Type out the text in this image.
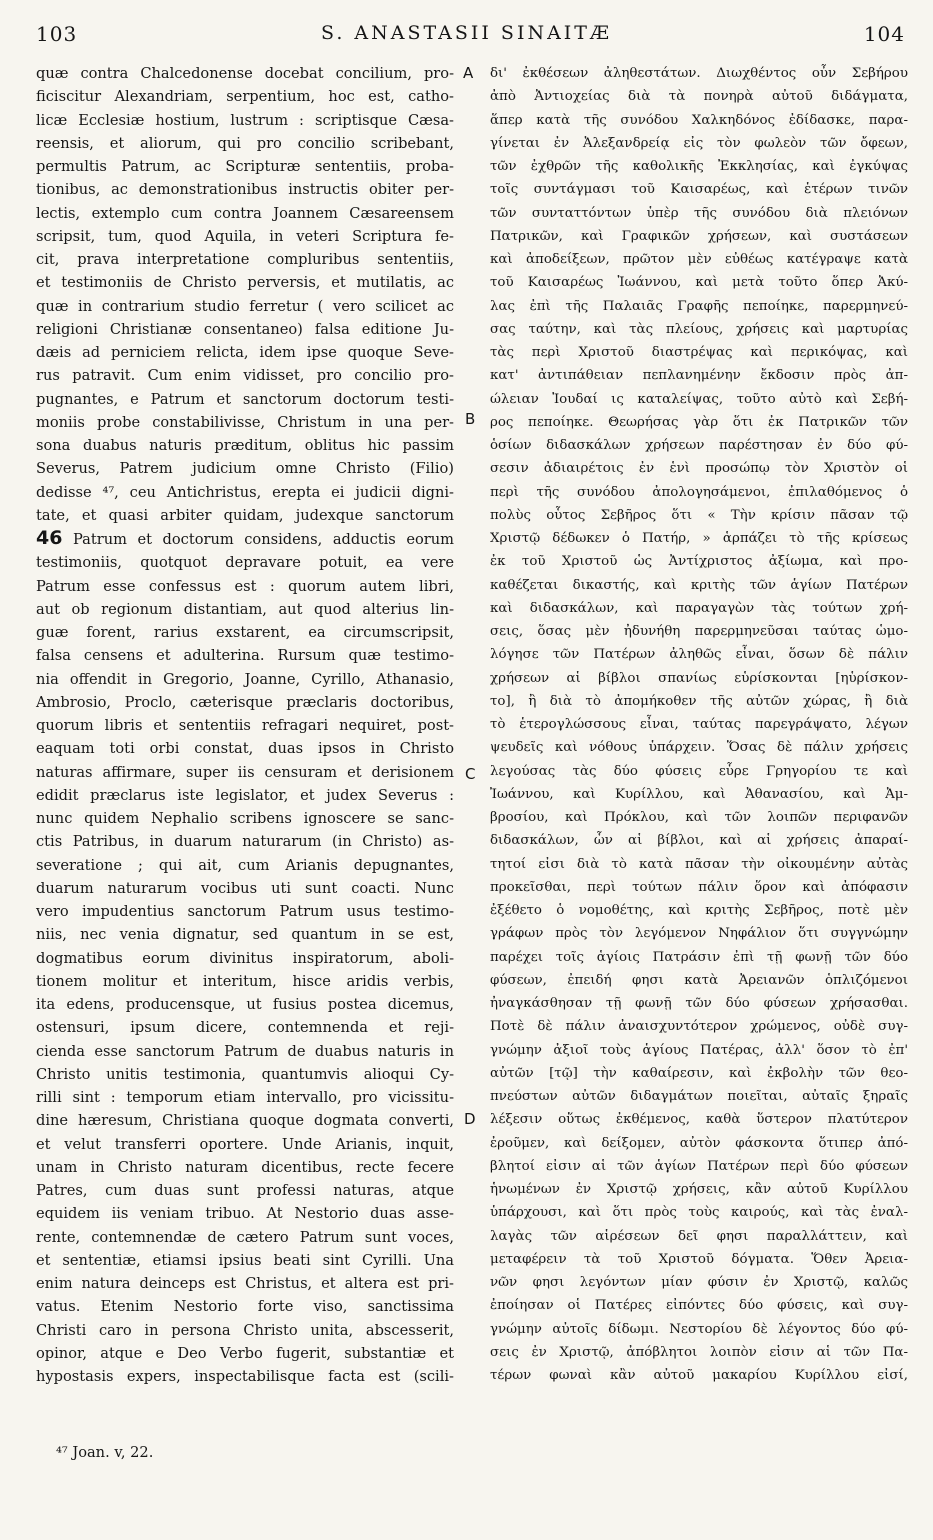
103	S. ANASTASII SINAITÆ	104
quæ contra Chalcedonense docebat concilium, pro-
ficiscitur Alexandriam, serpentium, hoc est, catho-
licæ Ecclesiæ hostium, lustrum : scriptisque Cæsa-
reensis, et aliorum, qui pro concilio scribebant,
permultis Patrum, ac Scripturæ sententiis, proba-
tionibus, ac demonstrationibus instructis obiter per-
lectis, extemplo cum contra Joannem Cæsareensem
scripsit, tum, quod Aquila, in veteri Scriptura fe-
cit, prava interpretatione compluribus sententiis,
et testimoniis de Christo perversis, et mutilatis, ac
quæ in contrarium studio ferretur ( vero scilicet ac
religioni Christianæ consentaneo) falsa editione Ju-
dæis ad perniciem relicta, idem ipse quoque Seve-
rus patravit. Cum enim vidisset, pro concilio pro-
pugnantes, e Patrum et sanctorum doctorum testi-
moniis probe constabilivisse, Christum in una per-
sona duabus naturis præditum, oblitus hic passim
Severus, Patrem judicium omne Christo (Filio)
dedisse ⁴⁷, ceu Antichristus, erepta ei judicii digni-
tate, et quasi arbiter quidam, judexque sanctorum
46 Patrum et doctorum considens, adductis eorum
testimoniis, quotquot depravare potuit, ea vere
Patrum esse confessus est : quorum autem libri,
aut ob regionum distantiam, aut quod alterius lin-
guæ forent, rarius exstarent, ea circumscripsit,
falsa censens et adulterina. Rursum quæ testimo-
nia offendit in Gregorio, Joanne, Cyrillo, Athanasio,
Ambrosio, Proclo, cæterisque præclaris doctoribus,
quorum libris et sententiis refragari nequiret, post-
eaquam toti orbi constat, duas ipsos in Christo
naturas affirmare, super iis censuram et derisionem
edidit præclarus iste legislator, et judex Severus :
nunc quidem Nephalio scribens ignoscere se sanc-
ctis Patribus, in duarum naturarum (in Christo) as-
severatione ; qui ait, cum Arianis depugnantes,
duarum naturarum vocibus uti sunt coacti. Nunc
vero impudentius sanctorum Patrum usus testimo-
niis, nec venia dignatur, sed quantum in se est,
dogmatibus eorum divinitus inspiratorum, aboli-
tionem molitur et interitum, hisce aridis verbis,
ita edens, producensque, ut fusius postea dicemus,
ostensuri, ipsum dicere, contemnenda et reji-
cienda esse sanctorum Patrum de duabus naturis in
Christo unitis testimonia, quantumvis alioqui Cy-
rilli sint : temporum etiam intervallo, pro vicissitu-
dine hæresum, Christiana quoque dogmata converti,
et velut transferri oportere. Unde Arianis, inquit,
unam in Christo naturam dicentibus, recte fecere
Patres, cum duas sunt professi naturas, atque
equidem iis veniam tribuo. At Nestorio duas asse-
rente, contemnendæ de cætero Patrum sunt voces,
et sententiæ, etiamsi ipsius beati sint Cyrilli. Una
enim natura deinceps est Christus, et altera est pri-
vatus. Etenim Nestorio forte viso, sanctissima
Christi caro in persona Christo unita, abscesserit,
opinor, atque e Deo Verbo fugerit, substantiæ et
hypostasis expers, inspectabilisque facta est (scili-
A
B
C
D
δι' ἐκθέσεων ἀληθεστάτων. Διωχθέντος οὖν Σεβήρου
ἀπὸ Ἀντιοχείας διὰ τὰ πονηρὰ αὐτοῦ διδάγματα,
ἅπερ κατὰ τῆς συνόδου Χαλκηδόνος ἐδίδασκε, παρα-
γίνεται ἐν Ἀλεξανδρείᾳ εἰς τὸν φωλεὸν τῶν ὄφεων,
τῶν ἐχθρῶν τῆς καθολικῆς Ἐκκλησίας, καὶ ἐγκύψας
τοῖς συντάγμασι τοῦ Καισαρέως, καὶ ἑτέρων τινῶν
τῶν συνταττόντων ὑπὲρ τῆς συνόδου διὰ πλειόνων
Πατρικῶν, καὶ Γραφικῶν χρήσεων, καὶ συστάσεων
καὶ ἀποδείξεων, πρῶτον μὲν εὐθέως κατέγραψε κατὰ
τοῦ Καισαρέως Ἰωάννου, καὶ μετὰ τοῦτο ὅπερ Ἀκύ-
λας ἐπὶ τῆς Παλαιᾶς Γραφῆς πεποίηκε, παρερμηνεύ-
σας ταύτην, καὶ τὰς πλείους, χρήσεις καὶ μαρτυρίας
τὰς περὶ Χριστοῦ διαστρέψας καὶ περικόψας, καὶ
κατ' ἀντιπάθειαν πεπλανημένην ἔκδοσιν πρὸς ἀπ-
ώλειαν Ἰουδαί ις καταλείψας, τοῦτο αὐτὸ καὶ Σεβή-
ρος πεποίηκε. Θεωρήσας γὰρ ὅτι ἐκ Πατρικῶν τῶν
ὁσίων διδασκάλων χρήσεων παρέστησαν ἐν δύο φύ-
σεσιν ἀδιαιρέτοις ἐν ἑνὶ προσώπῳ τὸν Χριστὸν οἱ
περὶ τῆς συνόδου ἀπολογησάμενοι, ἐπιλαθόμενος ὁ
πολὺς οὗτος Σεβῆρος ὅτι « Τὴν κρίσιν πᾶσαν τῷ
Χριστῷ δέδωκεν ὁ Πατήρ, » ἁρπάζει τὸ τῆς κρίσεως
ἐκ τοῦ Χριστοῦ ὡς Ἀντίχριστος ἀξίωμα, καὶ προ-
καθέζεται δικαστής, καὶ κριτὴς τῶν ἁγίων Πατέρων
καὶ διδασκάλων, καὶ παραγαγὼν τὰς τούτων χρή-
σεις, ὅσας μὲν ἠδυνήθη παρερμηνεῦσαι ταύτας ὡμο-
λόγησε τῶν Πατέρων ἀληθῶς εἶναι, ὅσων δὲ πάλιν
χρήσεων αἱ βίβλοι σπανίως εὑρίσκονται [ηὑρίσκον-
το], ἢ διὰ τὸ ἀπομήκοθεν τῆς αὐτῶν χώρας, ἢ διὰ
τὸ ἑτερογλώσσους εἶναι, ταύτας παρεγράψατο, λέγων
ψευδεῖς καὶ νόθους ὑπάρχειν. Ὅσας δὲ πάλιν χρήσεις
λεγούσας τὰς δύο φύσεις εὗρε Γρηγορίου τε καὶ
Ἰωάννου, καὶ Κυρίλλου, καὶ Ἀθανασίου, καὶ Ἀμ-
βροσίου, καὶ Πρόκλου, καὶ τῶν λοιπῶν περιφανῶν
διδασκάλων, ὧν αἱ βίβλοι, καὶ αἱ χρήσεις ἀπαραί-
τητοί εἰσι διὰ τὸ κατὰ πᾶσαν τὴν οἰκουμένην αὐτὰς
προκεῖσθαι, περὶ τούτων πάλιν ὅρον καὶ ἀπόφασιν
ἐξέθετο ὁ νομοθέτης, καὶ κριτὴς Σεβῆρος, ποτὲ μὲν
γράφων πρὸς τὸν λεγόμενον Νηφάλιον ὅτι συγγνώμην
παρέχει τοῖς ἁγίοις Πατράσιν ἐπὶ τῇ φωνῇ τῶν δύο
φύσεων, ἐπειδή φησι κατὰ Ἀρειανῶν ὁπλιζόμενοι
ἠναγκάσθησαν τῇ φωνῇ τῶν δύο φύσεων χρήσασθαι.
Ποτὲ δὲ πάλιν ἀναισχυντότερον χρώμενος, οὐδὲ συγ-
γνώμην ἀξιοῖ τοὺς ἁγίους Πατέρας, ἀλλ' ὅσον τὸ ἐπ'
αὐτῶν [τῷ] τὴν καθαίρεσιν, καὶ ἐκβολὴν τῶν θεο-
πνεύστων αὐτῶν διδαγμάτων ποιεῖται, αὐταῖς ξηραῖς
λέξεσιν οὕτως ἐκθέμενος, καθὰ ὕστερον πλατύτερον
ἐροῦμεν, καὶ δείξομεν, αὐτὸν φάσκοντα ὅτιπερ ἀπό-
βλητοί εἰσιν αἱ τῶν ἁγίων Πατέρων περὶ δύο φύσεων
ἡνωμένων ἐν Χριστῷ χρήσεις, κἂν αὐτοῦ Κυρίλλου
ὑπάρχουσι, καὶ ὅτι πρὸς τοὺς καιρούς, καὶ τὰς ἐναλ-
λαγὰς τῶν αἱρέσεων δεῖ φησι παραλλάττειν, καὶ
μεταφέρειν τὰ τοῦ Χριστοῦ δόγματα. Ὅθεν Ἀρεια-
νῶν φησι λεγόντων μίαν φύσιν ἐν Χριστῷ, καλῶς
ἐποίησαν οἱ Πατέρες εἰπόντες δύο φύσεις, καὶ συγ-
γνώμην αὐτοῖς δίδωμι. Νεστορίου δὲ λέγοντος δύο φύ-
σεις ἐν Χριστῷ, ἀπόβλητοι λοιπὸν εἰσιν αἱ τῶν Πα-
τέρων φωναὶ κἂν αὐτοῦ μακαρίου Κυρίλλου εἰσί,
⁴⁷ Joan. v, 22.
